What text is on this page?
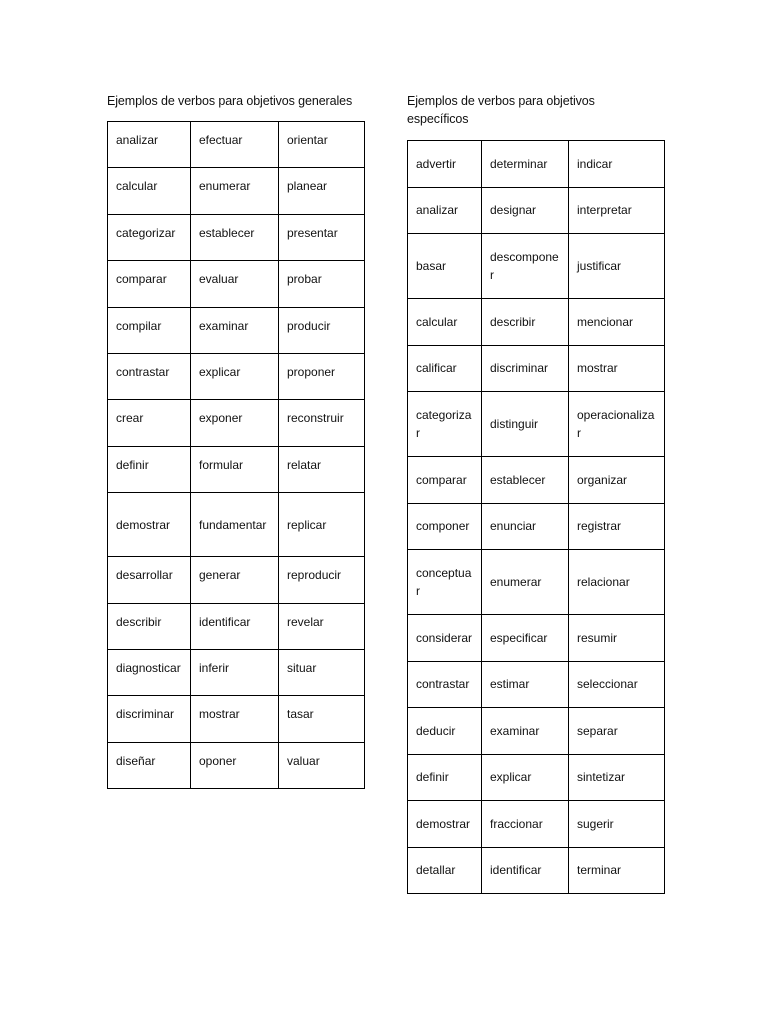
Ejemplos de verbos para objetivos generales
analizar	efectuar	orientar
calcular	enumerar	planear
categorizar	establecer	presentar
comparar	evaluar	probar
compilar	examinar	producir
contrastar	explicar	proponer
crear	exponer	reconstruir
definir	formular	relatar
demostrar	fundamentar	replicar
desarrollar	generar	reproducir
describir	identificar	revelar
diagnosticar	inferir	situar
discriminar	mostrar	tasar
diseñar	oponer	valuar
Ejemplos de verbos para objetivos específicos
advertir	determinar	indicar
analizar	designar	interpretar
basar	descomponer	justificar
calcular	describir	mencionar
calificar	discriminar	mostrar
categorizar	distinguir	operacionalizar
comparar	establecer	organizar
componer	enunciar	registrar
conceptuar	enumerar	relacionar
considerar	especificar	resumir
contrastar	estimar	seleccionar
deducir	examinar	separar
definir	explicar	sintetizar
demostrar	fraccionar	sugerir
detallar	identificar	terminar
